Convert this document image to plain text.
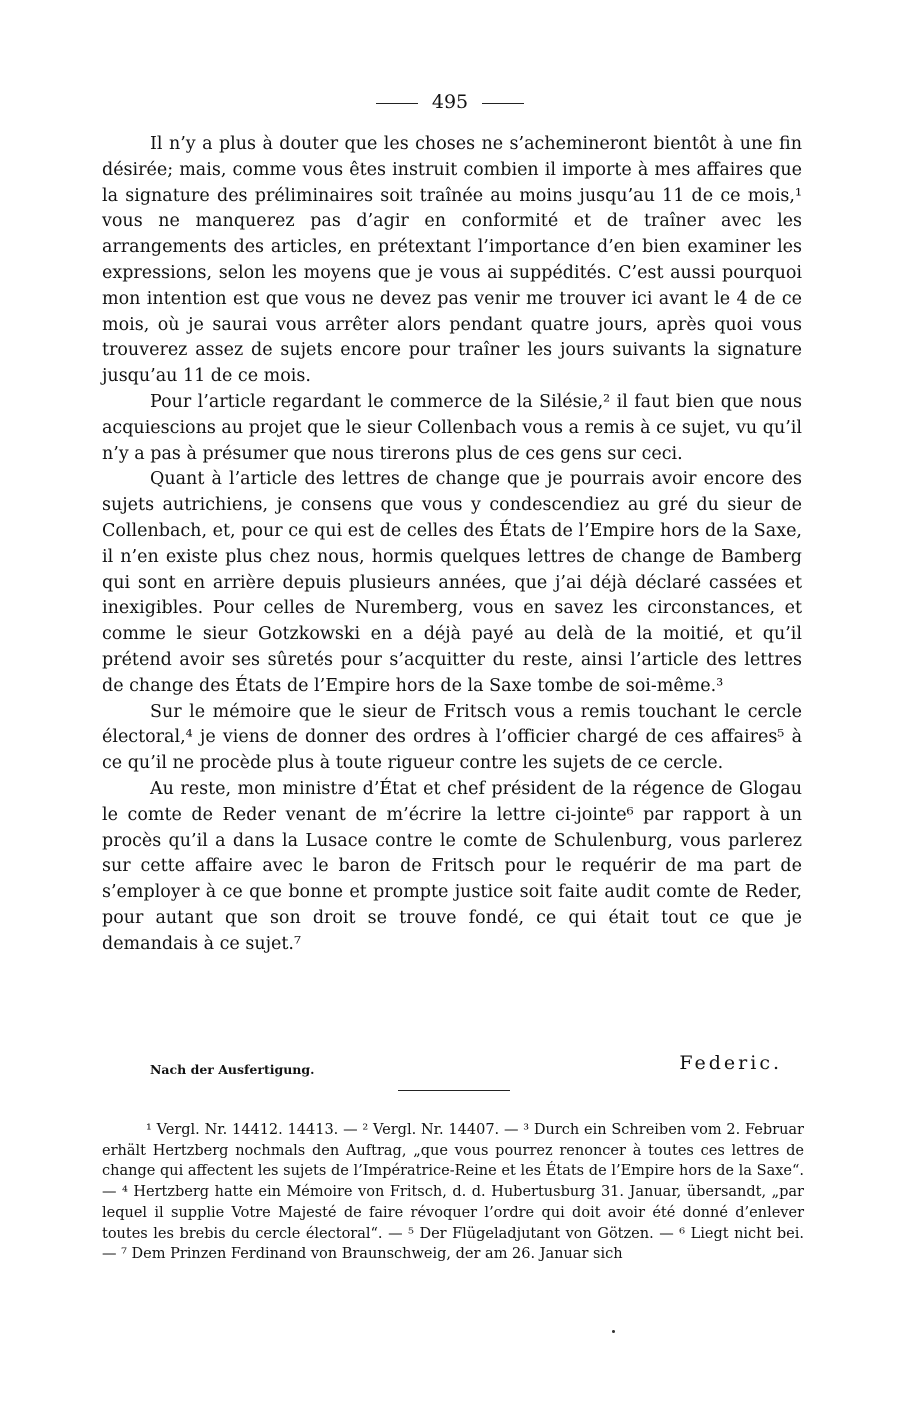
495

Il n’y a plus à douter que les choses ne s’achemineront bientôt à une fin désirée; mais, comme vous êtes instruit combien il importe à mes affaires que la signature des préliminaires soit traînée au moins jusqu’au 11 de ce mois,¹ vous ne manquerez pas d’agir en conformité et de traîner avec les arrangements des articles, en prétextant l’importance d’en bien examiner les expressions, selon les moyens que je vous ai suppédités. C’est aussi pourquoi mon intention est que vous ne devez pas venir me trouver ici avant le 4 de ce mois, où je saurai vous arrêter alors pendant quatre jours, après quoi vous trouverez assez de sujets encore pour traîner les jours suivants la signature jusqu’au 11 de ce mois.

Pour l’article regardant le commerce de la Silésie,² il faut bien que nous acquiescions au projet que le sieur Collenbach vous a remis à ce sujet, vu qu’il n’y a pas à présumer que nous tirerons plus de ces gens sur ceci.

Quant à l’article des lettres de change que je pourrais avoir encore des sujets autrichiens, je consens que vous y condescendiez au gré du sieur de Collenbach, et, pour ce qui est de celles des États de l’Empire hors de la Saxe, il n’en existe plus chez nous, hormis quelques lettres de change de Bamberg qui sont en arrière depuis plusieurs années, que j’ai déjà déclaré cassées et inexigibles. Pour celles de Nuremberg, vous en savez les circonstances, et comme le sieur Gotzkowski en a déjà payé au delà de la moitié, et qu’il prétend avoir ses sûretés pour s’acquitter du reste, ainsi l’article des lettres de change des États de l’Empire hors de la Saxe tombe de soi-même.³

Sur le mémoire que le sieur de Fritsch vous a remis touchant le cercle électoral,⁴ je viens de donner des ordres à l’officier chargé de ces affaires⁵ à ce qu’il ne procède plus à toute rigueur contre les sujets de ce cercle.

Au reste, mon ministre d’État et chef président de la régence de Glogau le comte de Reder venant de m’écrire la lettre ci-jointe⁶ par rapport à un procès qu’il a dans la Lusace contre le comte de Schulenburg, vous parlerez sur cette affaire avec le baron de Fritsch pour le requérir de ma part de s’employer à ce que bonne et prompte justice soit faite audit comte de Reder, pour autant que son droit se trouve fondé, ce qui était tout ce que je demandais à ce sujet.⁷

Nach der Ausfertigung.	Federic.

¹ Vergl. Nr. 14412. 14413. — ² Vergl. Nr. 14407. — ³ Durch ein Schreiben vom 2. Februar erhält Hertzberg nochmals den Auftrag, „que vous pourrez renoncer à toutes ces lettres de change qui affectent les sujets de l’Impératrice-Reine et les États de l’Empire hors de la Saxe“. — ⁴ Hertzberg hatte ein Mémoire von Fritsch, d. d. Hubertusburg 31. Januar, übersandt, „par lequel il supplie Votre Majesté de faire révoquer l’ordre qui doit avoir été donné d’enlever toutes les brebis du cercle électoral“. — ⁵ Der Flügeladjutant von Götzen. — ⁶ Liegt nicht bei. — ⁷ Dem Prinzen Ferdinand von Braunschweig, der am 26. Januar sich
